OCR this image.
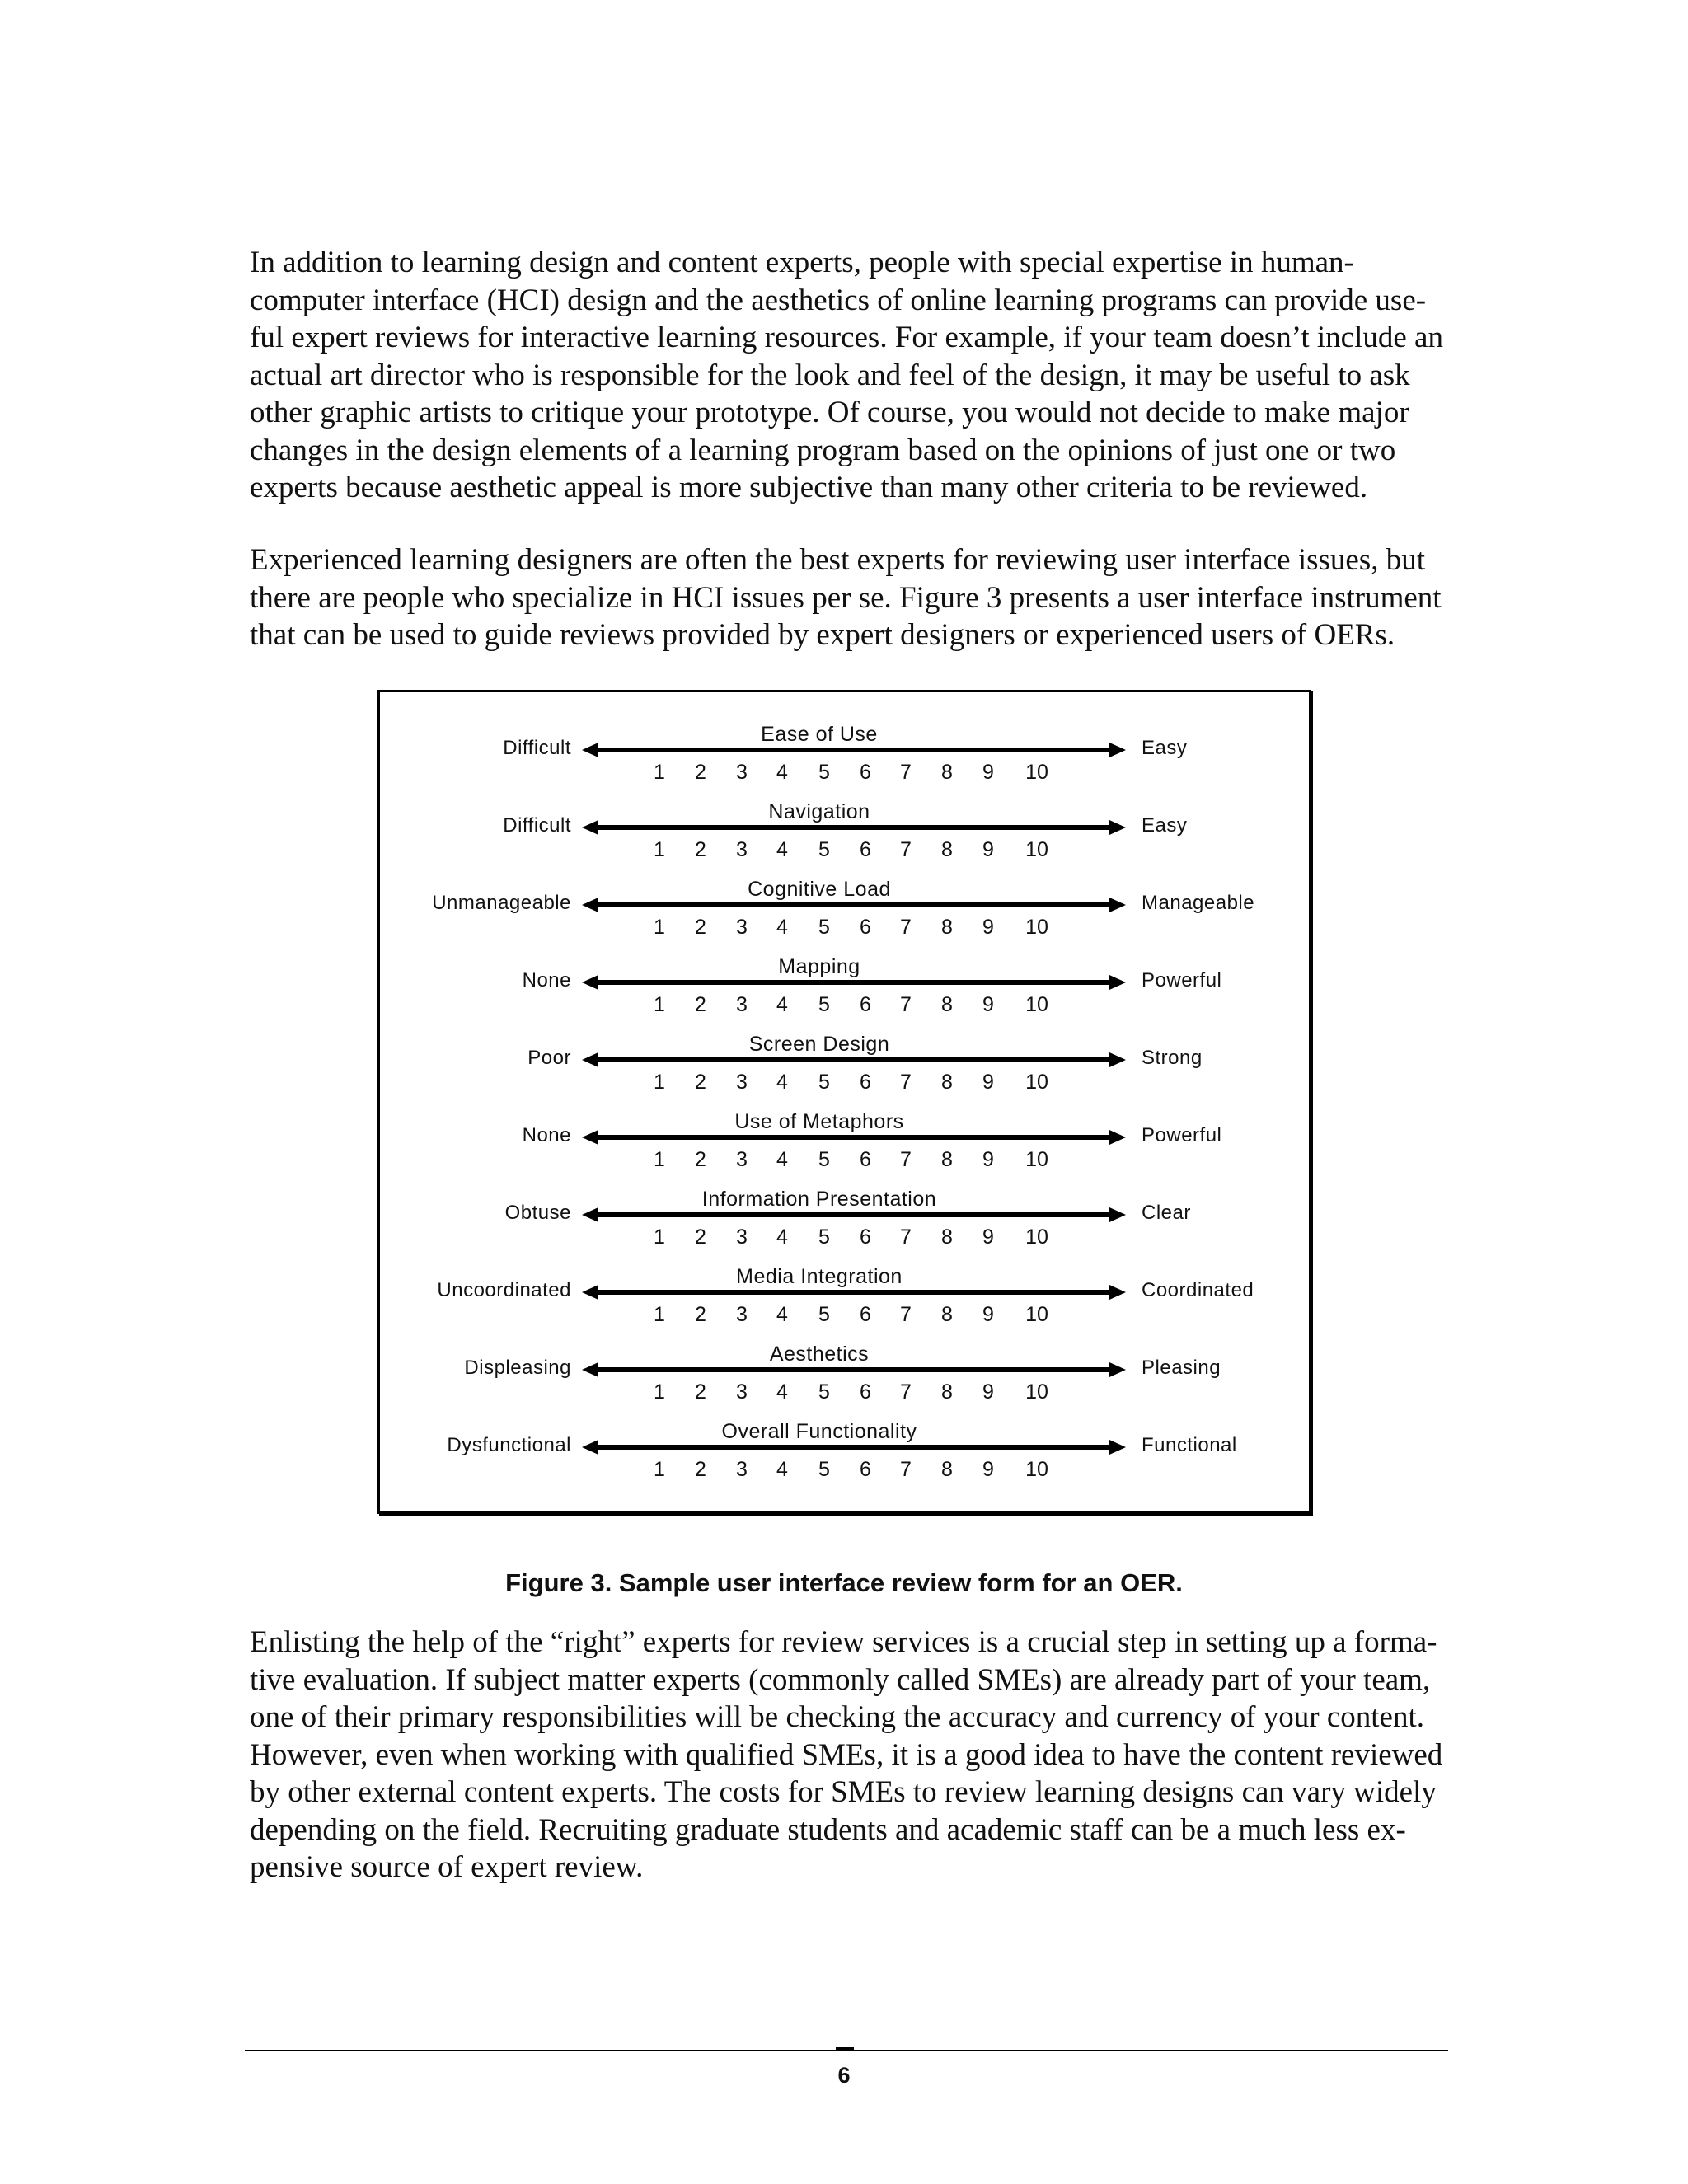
In addition to learning design and content experts, people with special expertise in human-
computer interface (HCI) design and the aesthetics of online learning programs can provide use-
ful expert reviews for interactive learning resources. For example, if your team doesn’t include an
actual art director who is responsible for the look and feel of the design, it may be useful to ask
other graphic artists to critique your prototype. Of course, you would not decide to make major
changes in the design elements of a learning program based on the opinions of just one or two
experts because aesthetic appeal is more subjective than many other criteria to be reviewed.
Experienced learning designers are often the best experts for reviewing user interface issues, but
there are people who specialize in HCI issues per se. Figure 3 presents a user interface instrument
that can be used to guide reviews provided by expert designers or experienced users of OERs.
Ease of Use
Difficult	Easy
1	2	3	4	5	6	7	8	9	10
Navigation
Difficult	Easy
1	2	3	4	5	6	7	8	9	10
Cognitive Load
Unmanageable	Manageable
1	2	3	4	5	6	7	8	9	10
Mapping
None	Powerful
1	2	3	4	5	6	7	8	9	10
Screen Design
Poor	Strong
1	2	3	4	5	6	7	8	9	10
Use of Metaphors
None	Powerful
1	2	3	4	5	6	7	8	9	10
Information Presentation
Obtuse	Clear
1	2	3	4	5	6	7	8	9	10
Media Integration
Uncoordinated	Coordinated
1	2	3	4	5	6	7	8	9	10
Aesthetics
Displeasing	Pleasing
1	2	3	4	5	6	7	8	9	10
Overall Functionality
Dysfunctional	Functional
1	2	3	4	5	6	7	8	9	10
Figure 3. Sample user interface review form for an OER.
Enlisting the help of the “right” experts for review services is a crucial step in setting up a forma-
tive evaluation. If subject matter experts (commonly called SMEs) are already part of your team,
one of their primary responsibilities will be checking the accuracy and currency of your content.
However, even when working with qualified SMEs, it is a good idea to have the content reviewed
by other external content experts. The costs for SMEs to review learning designs can vary widely
depending on the field. Recruiting graduate students and academic staff can be a much less ex-
pensive source of expert review.
6
